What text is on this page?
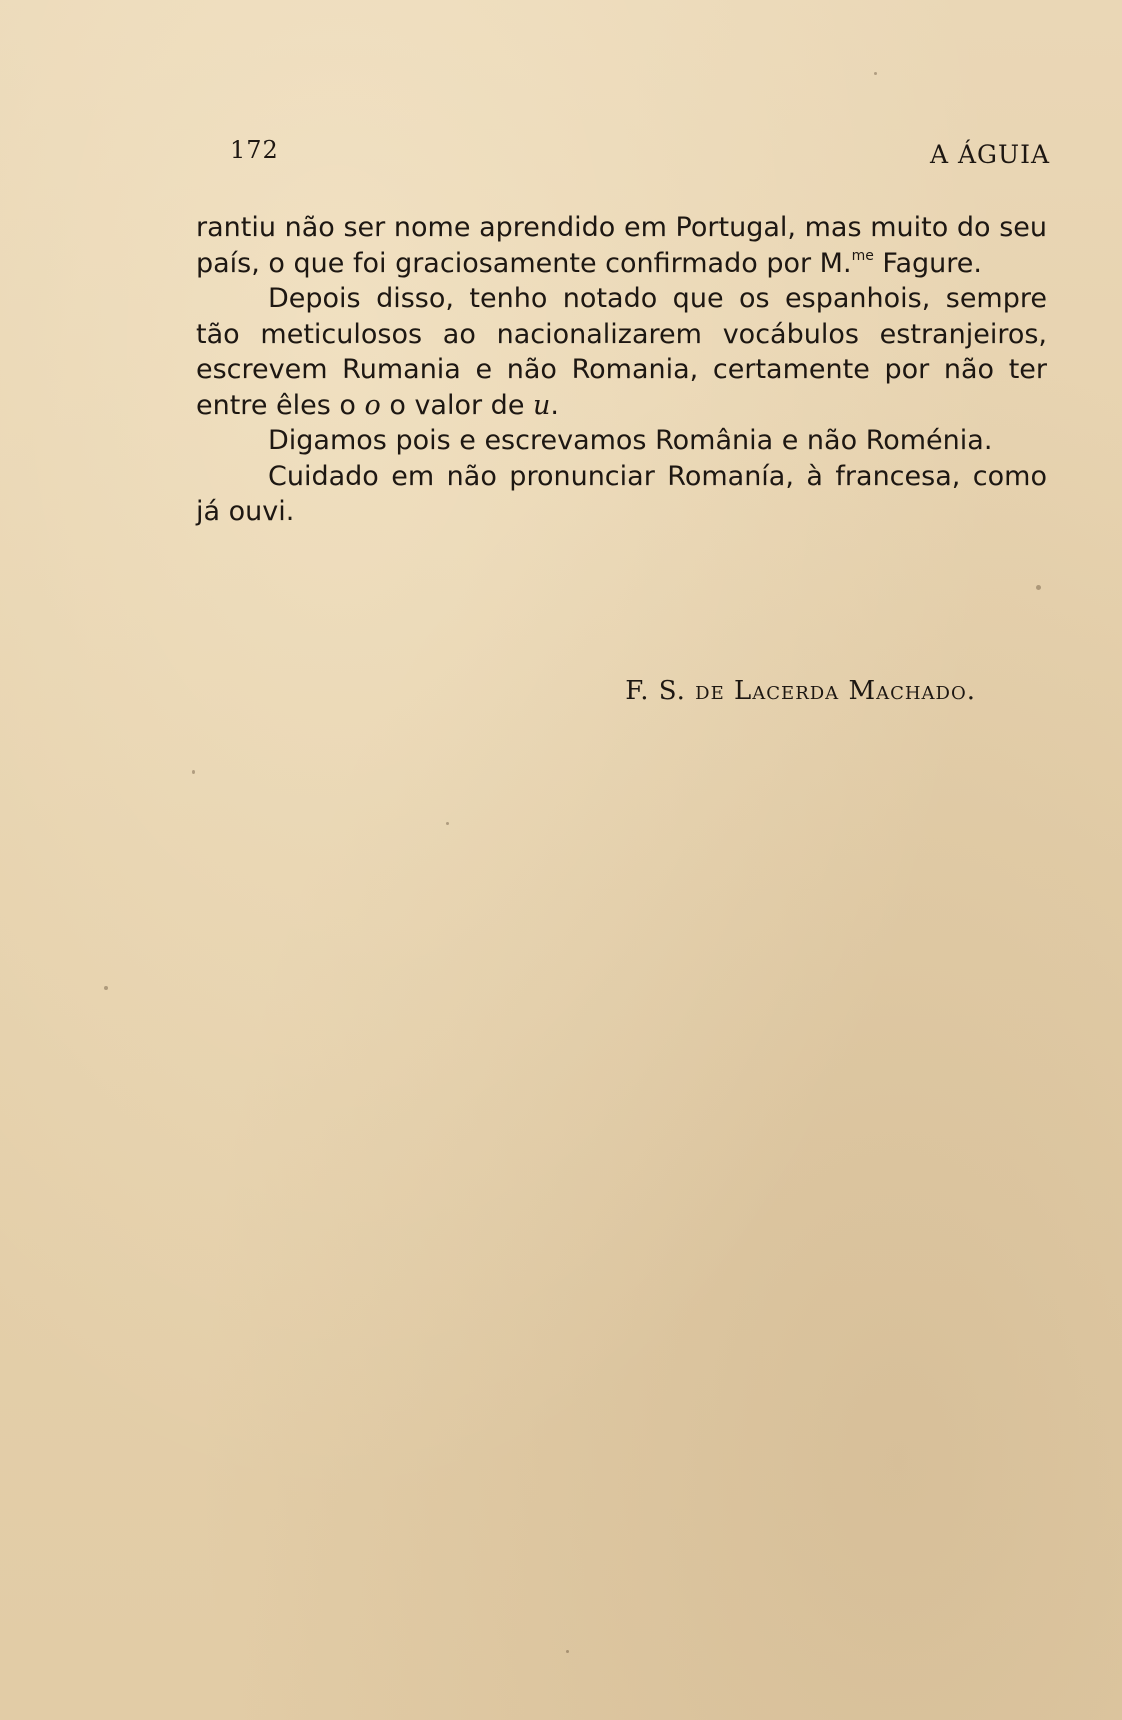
172	A ÁGUIA

rantiu não ser nome aprendido em Portugal, mas muito do seu país, o que foi graciosamente confirmado por M.$^{me}$ Fagure.

Depois disso, tenho notado que os espanhois, sempre tão meticulosos ao nacionalizarem vocábulos estranjeiros, escrevem Rumania e não Romania, certamente por não ter entre êles o o o valor de u.

Digamos pois e escrevamos România e não Roménia.

Cuidado em não pronunciar Romanía, à francesa, como já ouvi.

F. S. de Lacerda Machado.
